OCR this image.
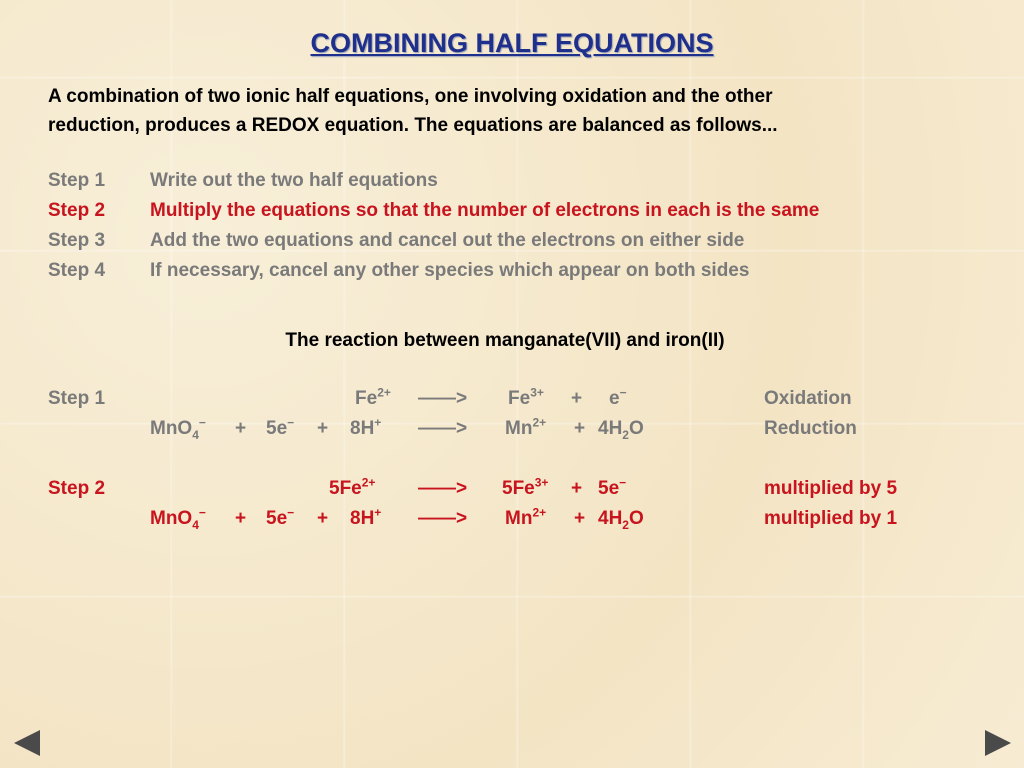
COMBINING HALF EQUATIONS
A combination of two ionic half equations, one involving oxidation and the other
reduction, produces a REDOX equation. The equations are balanced as follows...
Step 1 Write out the two half equations
Step 2 Multiply the equations so that the number of electrons in each is the same
Step 3 Add the two equations and cancel out the electrons on either side
Step 4 If necessary, cancel any other species which appear on both sides
The reaction between manganate(VII) and iron(II)
Step 1	$Fe^{2+}$ ——> $Fe^{3+} + e^-$	Oxidation
MnO$_4$− + 5e− + 8H+ ——> $Mn^{2+} + 4H_2O$	Reduction
Step 2	$5Fe^{2+}$ ——> $5Fe^{3+} + 5e^-$	multiplied by 5
MnO$_4$− + 5e− + 8H+ ——> $Mn^{2+} + 4H_2O$	multiplied by 1
